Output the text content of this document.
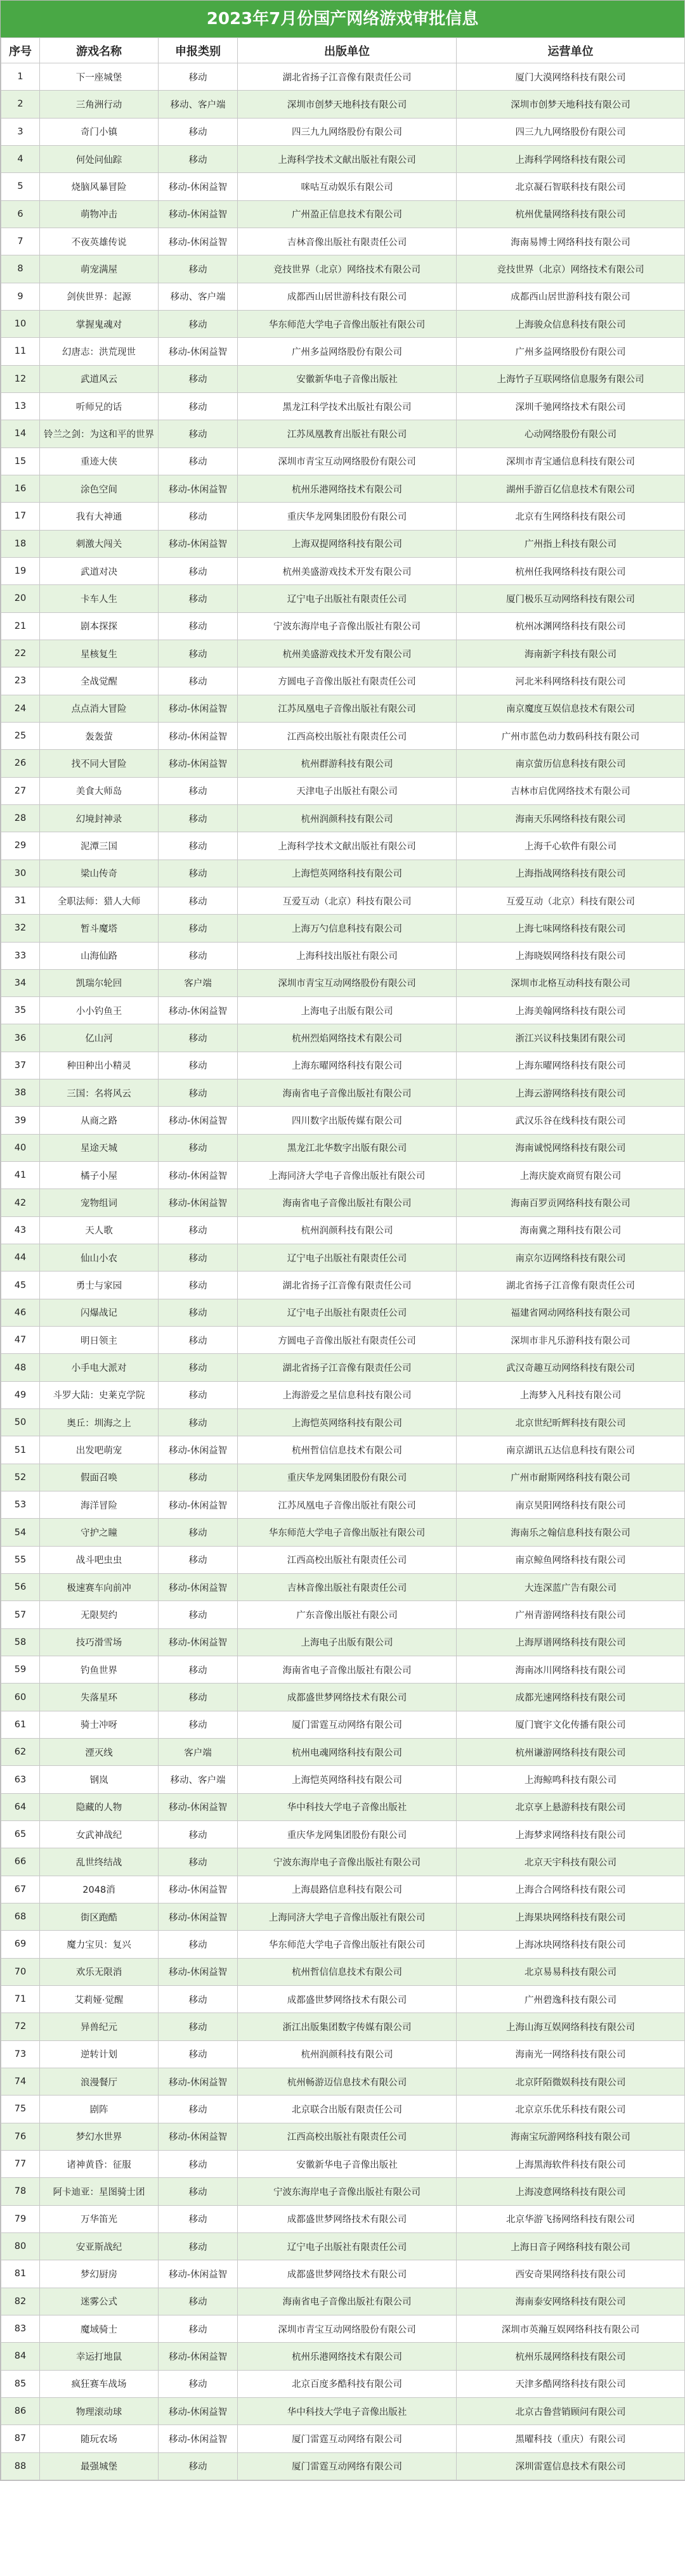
2023年7月份国产网络游戏审批信息
序号	游戏名称	申报类别	出版单位	运营单位
1	下一座城堡	移动	湖北省扬子江音像有限责任公司	厦门大漠网络科技有限公司
2	三角洲行动	移动、客户端	深圳市创梦天地科技有限公司	深圳市创梦天地科技有限公司
3	奇门小镇	移动	四三九九网络股份有限公司	四三九九网络股份有限公司
4	何处问仙踪	移动	上海科学技术文献出版社有限公司	上海科学网络科技有限公司
5	烧脑风暴冒险	移动-休闲益智	咪咕互动娱乐有限公司	北京凝石智联科技有限公司
6	萌物冲击	移动-休闲益智	广州盈正信息技术有限公司	杭州优量网络科技有限公司
7	不夜英雄传说	移动-休闲益智	吉林音像出版社有限责任公司	海南易博士网络科技有限公司
8	萌宠满屋	移动	竞技世界（北京）网络技术有限公司	竞技世界（北京）网络技术有限公司
9	剑侠世界：起源	移动、客户端	成都西山居世游科技有限公司	成都西山居世游科技有限公司
10	掌握鬼魂对	移动	华东师范大学电子音像出版社有限公司	上海骏众信息科技有限公司
11	幻唐志：洪荒现世	移动-休闲益智	广州多益网络股份有限公司	广州多益网络股份有限公司
12	武道风云	移动	安徽新华电子音像出版社	上海竹子互联网络信息服务有限公司
13	听师兄的话	移动	黑龙江科学技术出版社有限公司	深圳千驰网络技术有限公司
14	铃兰之剑：为这和平的世界	移动	江苏凤凰教育出版社有限公司	心动网络股份有限公司
15	重迹大侠	移动	深圳市青宝互动网络股份有限公司	深圳市青宝通信息科技有限公司
16	涂色空间	移动-休闲益智	杭州乐港网络技术有限公司	湖州手游百亿信息技术有限公司
17	我有大神通	移动	重庆华龙网集团股份有限公司	北京有生网络科技有限公司
18	刺激大闯关	移动-休闲益智	上海双提网络科技有限公司	广州指上科技有限公司
19	武道对决	移动	杭州美盛游戏技术开发有限公司	杭州任我网络科技有限公司
20	卡车人生	移动	辽宁电子出版社有限责任公司	厦门极乐互动网络科技有限公司
21	剧本探探	移动	宁波东海岸电子音像出版社有限公司	杭州冰渊网络科技有限公司
22	星核复生	移动	杭州美盛游戏技术开发有限公司	海南新字科技有限公司
23	全战觉醒	移动	方圆电子音像出版社有限责任公司	河北米科网络科技有限公司
24	点点消大冒险	移动-休闲益智	江苏凤凰电子音像出版社有限公司	南京魔度互娱信息技术有限公司
25	轰轰萤	移动-休闲益智	江西高校出版社有限责任公司	广州市蓝色动力数码科技有限公司
26	找不同大冒险	移动-休闲益智	杭州群游科技有限公司	南京萤历信息科技有限公司
27	美食大师岛	移动	天津电子出版社有限公司	吉林市启优网络技术有限公司
28	幻境封神录	移动	杭州润颜科技有限公司	海南天乐网络科技有限公司
29	泥潭三国	移动	上海科学技术文献出版社有限公司	上海千心软件有限公司
30	梁山传奇	移动	上海恺英网络科技有限公司	上海指战网络科技有限公司
31	全职法师：猎人大师	移动	互爱互动（北京）科技有限公司	互爱互动（北京）科技有限公司
32	暂斗魔塔	移动	上海万勺信息科技有限公司	上海七味网络科技有限公司
33	山海仙路	移动	上海科技出版社有限公司	上海晓娱网络科技有限公司
34	凯瑞尔轮回	客户端	深圳市青宝互动网络股份有限公司	深圳市北格互动科技有限公司
35	小小钓鱼王	移动-休闲益智	上海电子出版有限公司	上海美翰网络科技有限公司
36	亿山河	移动	杭州烈焰网络技术有限公司	浙江兴议科技集团有限公司
37	种田种出小精灵	移动	上海东曜网络科技有限公司	上海东曜网络科技有限公司
38	三国：名将风云	移动	海南省电子音像出版社有限公司	上海云游网络科技有限公司
39	从商之路	移动-休闲益智	四川数字出版传媒有限公司	武汉乐谷在线科技有限公司
40	星途天城	移动	黑龙江北华数字出版有限公司	海南诚悦网络科技有限公司
41	橘子小屋	移动-休闲益智	上海同济大学电子音像出版社有限公司	上海庆旋欢商贸有限公司
42	宠物组词	移动-休闲益智	海南省电子音像出版社有限公司	海南百罗贡网络科技有限公司
43	天人歌	移动	杭州润颜科技有限公司	海南冀之翔科技有限公司
44	仙山小农	移动	辽宁电子出版社有限责任公司	南京尔迈网络科技有限公司
45	勇士与家园	移动	湖北省扬子江音像有限责任公司	湖北省扬子江音像有限责任公司
46	闪爆战记	移动	辽宁电子出版社有限责任公司	福建省网动网络科技有限公司
47	明日领主	移动	方圆电子音像出版社有限责任公司	深圳市非凡乐游科技有限公司
48	小手电大派对	移动	湖北省扬子江音像有限责任公司	武汉奇趣互动网络科技有限公司
49	斗罗大陆：史莱克学院	移动	上海游爱之星信息科技有限公司	上海梦入凡科技有限公司
50	奥丘：圳海之上	移动	上海恺英网络科技有限公司	北京世纪昕辉科技有限公司
51	出发吧萌宠	移动-休闲益智	杭州哲信信息技术有限公司	南京湖讯五达信息科技有限公司
52	假面召唤	移动	重庆华龙网集团股份有限公司	广州市耐斯网络科技有限公司
53	海洋冒险	移动-休闲益智	江苏凤凰电子音像出版社有限公司	南京昊阳网络科技有限公司
54	守护之瞳	移动	华东师范大学电子音像出版社有限公司	海南乐之翰信息科技有限公司
55	战斗吧虫虫	移动	江西高校出版社有限责任公司	南京鲸鱼网络科技有限公司
56	极速赛车向前冲	移动-休闲益智	吉林音像出版社有限责任公司	大连深蓝广告有限公司
57	无限契约	移动	广东音像出版社有限公司	广州青游网络科技有限公司
58	技巧滑雪场	移动-休闲益智	上海电子出版有限公司	上海厚谱网络科技有限公司
59	钓鱼世界	移动	海南省电子音像出版社有限公司	海南冰川网络科技有限公司
60	失落星环	移动	成都盛世梦网络技术有限公司	成都光速网络科技有限公司
61	骑士冲呀	移动	厦门雷霆互动网络有限公司	厦门寰宇文化传播有限公司
62	湮灭线	客户端	杭州电魂网络科技有限公司	杭州谦游网络科技有限公司
63	钢岚	移动、客户端	上海恺英网络科技有限公司	上海鲸鸣科技有限公司
64	隐藏的人物	移动-休闲益智	华中科技大学电子音像出版社	北京享上悬游科技有限公司
65	女武神战纪	移动	重庆华龙网集团股份有限公司	上海梦求网络科技有限公司
66	乱世终结战	移动	宁波东海岸电子音像出版社有限公司	北京天宇科技有限公司
67	2048消	移动-休闲益智	上海晨路信息科技有限公司	上海合合网络科技有限公司
68	街区跑酷	移动-休闲益智	上海同济大学电子音像出版社有限公司	上海果块网络科技有限公司
69	魔力宝贝：复兴	移动	华东师范大学电子音像出版社有限公司	上海冰块网络科技有限公司
70	欢乐无限消	移动-休闲益智	杭州哲信信息技术有限公司	北京易易科技有限公司
71	艾莉娅·觉醒	移动	成都盛世梦网络技术有限公司	广州碧逸科技有限公司
72	异兽纪元	移动	浙江出版集团数字传媒有限公司	上海山海互娱网络科技有限公司
73	逆转计划	移动	杭州润颜科技有限公司	海南光一网络科技有限公司
74	浪漫餐厅	移动-休闲益智	杭州畅游迈信息技术有限公司	北京阡陌微娱科技有限公司
75	剧阵	移动	北京联合出版有限责任公司	北京京乐优乐科技有限公司
76	梦幻水世界	移动-休闲益智	江西高校出版社有限责任公司	海南宝玩游网络科技有限公司
77	诸神黄昏：征服	移动	安徽新华电子音像出版社	上海黑海软件科技有限公司
78	阿卡迪亚：星图骑士团	移动	宁波东海岸电子音像出版社有限公司	上海凌意网络科技有限公司
79	万华笛光	移动	成都盛世梦网络技术有限公司	北京华游飞扬网络科技有限公司
80	安亚斯战纪	移动	辽宁电子出版社有限责任公司	上海日音子网络科技有限公司
81	梦幻厨房	移动-休闲益智	成都盛世梦网络技术有限公司	西安奇果网络科技有限公司
82	迷雾公式	移动	海南省电子音像出版社有限公司	海南泰安网络科技有限公司
83	魔域骑士	移动	深圳市青宝互动网络股份有限公司	深圳市英瀚互娱网络科技有限公司
84	幸运打地鼠	移动-休闲益智	杭州乐港网络技术有限公司	杭州乐晟网络科技有限公司
85	疯狂赛车战场	移动	北京百度多酷科技有限公司	天津多酷网络科技有限公司
86	物理滚动球	移动-休闲益智	华中科技大学电子音像出版社	北京古鲁营销顾问有限公司
87	随玩农场	移动-休闲益智	厦门雷霆互动网络有限公司	黑曜科技（重庆）有限公司
88	最强城堡	移动	厦门雷霆互动网络有限公司	深圳雷霆信息技术有限公司
